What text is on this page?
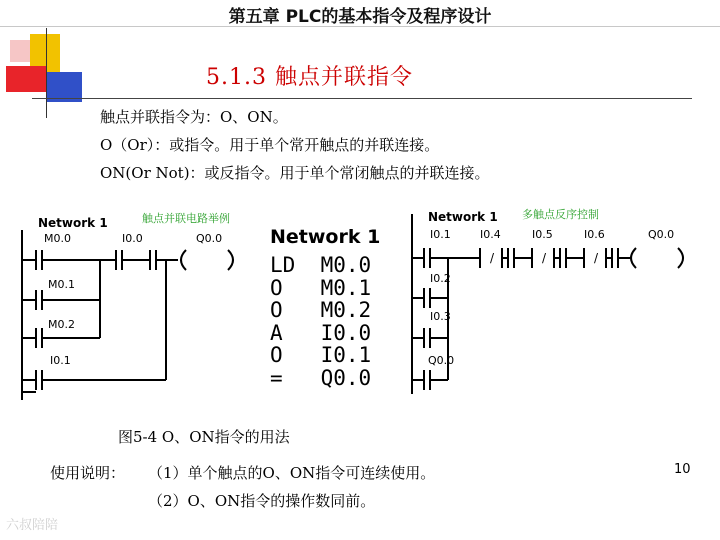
第五章 PLC的基本指令及程序设计
5.1.3 触点并联指令
触点并联指令为：O、ON。
O（Or）：或指令。用于单个常开触点的并联连接。
ON(Or Not)：或反指令。用于单个常闭触点的并联连接。
Network 1	触点并联电路举例
M0.0	I0.0	Q0.0
M0.1
M0.2
I0.1
Network 1
LD  M0.0
O   M0.1
O   M0.2
A   I0.0
O   I0.1
=   Q0.0
Network 1 多触点反序控制
I0.1	I0.4	I0.5	I0.6	Q0.0
I0.2
I0.3
Q0.0
/	/	/
图5-4 O、ON指令的用法
使用说明： （1）单个触点的O、ON指令可连续使用。
（2）O、ON指令的操作数同前。
10
六叔陪陪
